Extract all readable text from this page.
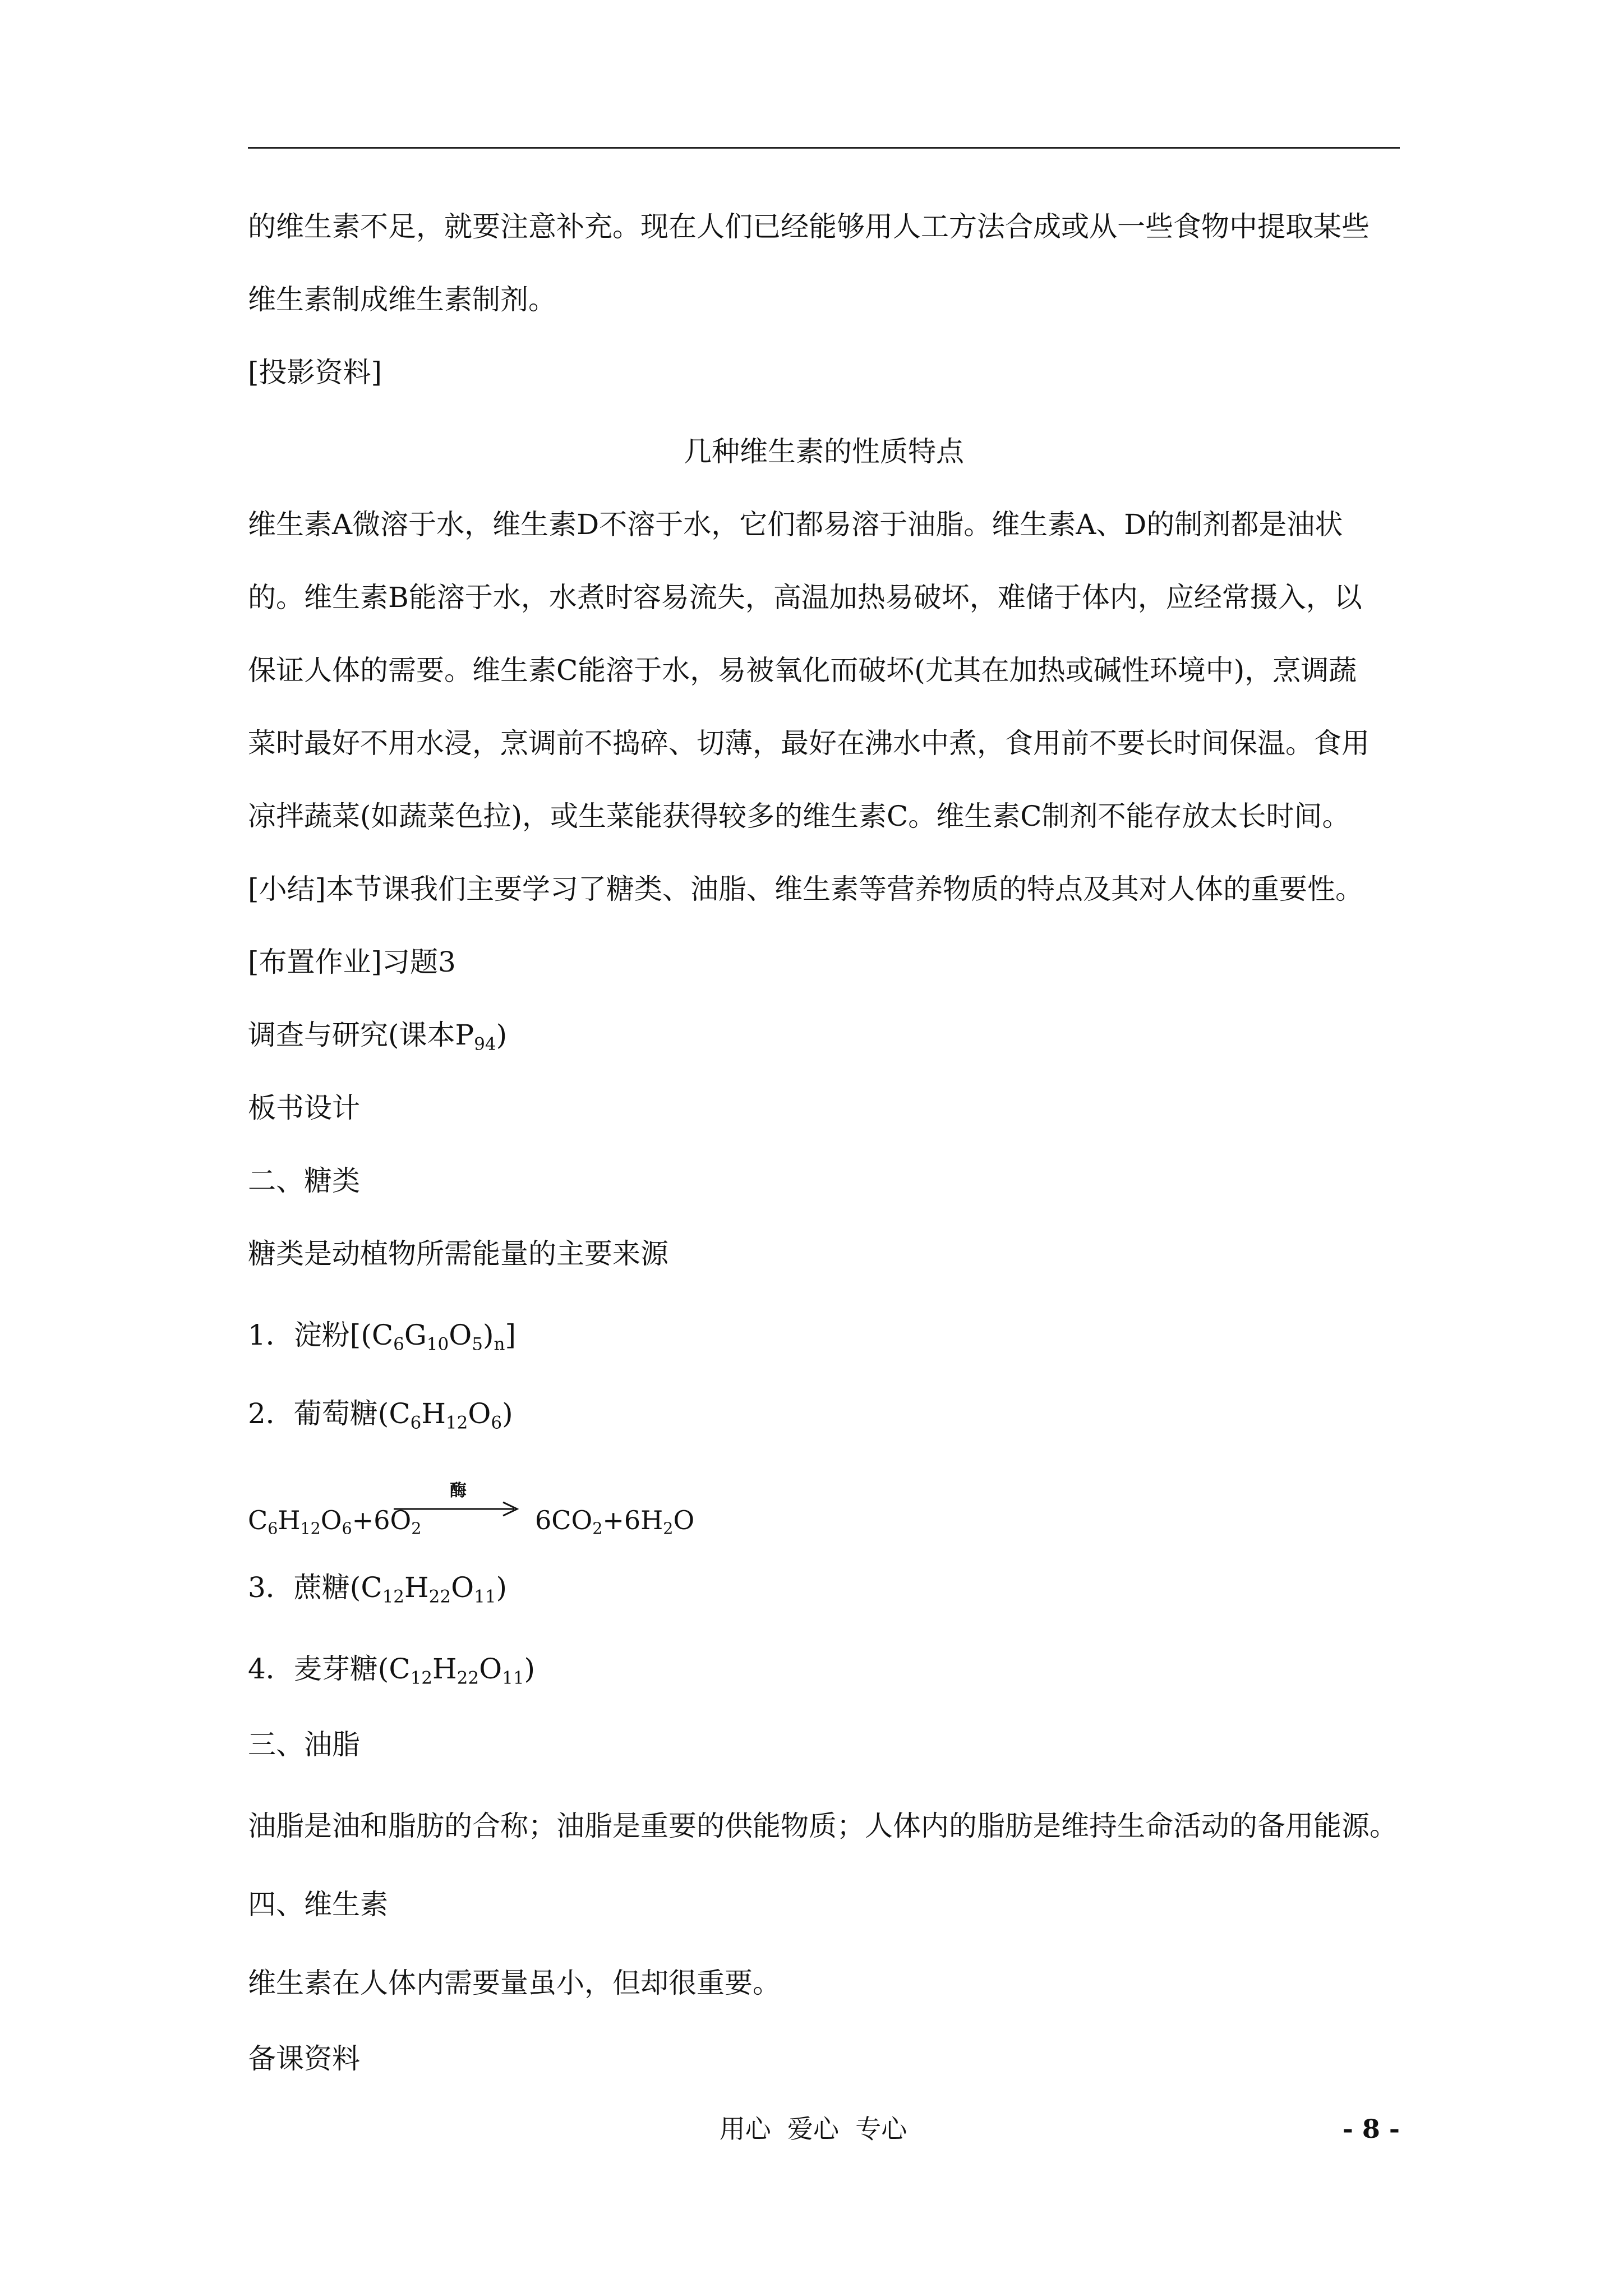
的维生素不足，就要注意补充。现在人们已经能够用人工方法合成或从一些食物中提取某些
维生素制成维生素制剂。
[投影资料]
几种维生素的性质特点
维生素A微溶于水，维生素D不溶于水，它们都易溶于油脂。维生素A、D的制剂都是油状
的。维生素B能溶于水，水煮时容易流失，高温加热易破坏，难储于体内，应经常摄入，以
保证人体的需要。维生素C能溶于水，易被氧化而破坏(尤其在加热或碱性环境中)，烹调蔬
菜时最好不用水浸，烹调前不捣碎、切薄，最好在沸水中煮，食用前不要长时间保温。食用
凉拌蔬菜(如蔬菜色拉)，或生菜能获得较多的维生素C。维生素C制剂不能存放太长时间。
[小结]本节课我们主要学习了糖类、油脂、维生素等营养物质的特点及其对人体的重要性。
[布置作业]习题3
调查与研究(课本$P_{94}$)
板书设计
二、糖类
糖类是动植物所需能量的主要来源
1．淀粉$[(C_6G_{10}O_5)_n]$
2．葡萄糖$(C_6H_{12}O_6)$
$C_6H_{12}O_6+6O_2$
酶
$6CO_2+6H_2O$
3．蔗糖$(C_{12}H_{22}O_{11})$
4．麦芽糖$(C_{12}H_{22}O_{11})$
三、油脂
油脂是油和脂肪的合称；油脂是重要的供能物质；人体内的脂肪是维持生命活动的备用能源。
四、维生素
维生素在人体内需要量虽小，但却很重要。
备课资料
用心  爱心  专心	- 8 -
